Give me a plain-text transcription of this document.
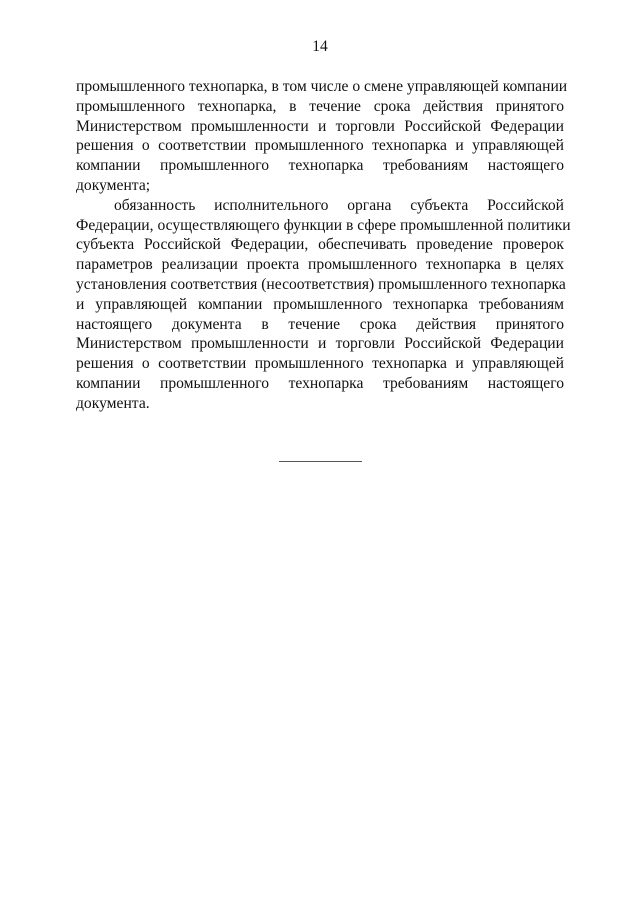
14
промышленного технопарка, в том числе о смене управляющей компании
промышленного технопарка, в течение срока действия принятого
Министерством промышленности и торговли Российской Федерации
решения о соответствии промышленного технопарка и управляющей
компании промышленного технопарка требованиям настоящего
документа;
обязанность исполнительного органа субъекта Российской
Федерации, осуществляющего функции в сфере промышленной политики
субъекта Российской Федерации, обеспечивать проведение проверок
параметров реализации проекта промышленного технопарка в целях
установления соответствия (несоответствия) промышленного технопарка
и управляющей компании промышленного технопарка требованиям
настоящего документа в течение срока действия принятого
Министерством промышленности и торговли Российской Федерации
решения о соответствии промышленного технопарка и управляющей
компании промышленного технопарка требованиям настоящего
документа.
